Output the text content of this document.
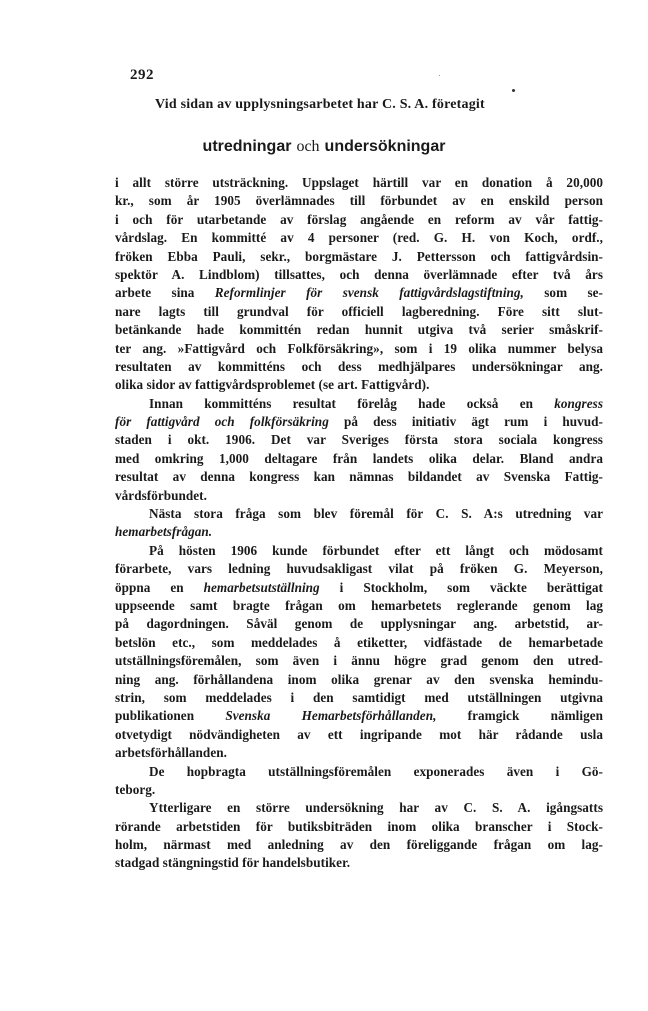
292
Vid sidan av upplysningsarbetet har C. S. A. företagit
utredningar och undersökningar

i allt större utsträckning. Uppslaget härtill var en donation å 20,000
kr., som år 1905 överlämnades till förbundet av en enskild person
i och för utarbetande av förslag angående en reform av vår fattig-
vårdslag. En kommitté av 4 personer (red. G. H. von Koch, ordf.,
fröken Ebba Pauli, sekr., borgmästare J. Pettersson och fattigvårdsin-
spektör A. Lindblom) tillsattes, och denna överlämnade efter två års
arbete sina Reformlinjer för svensk fattigvårdslagstiftning, som se-
nare lagts till grundval för officiell lagberedning. Före sitt slut-
betänkande hade kommittén redan hunnit utgiva två serier småskrif-
ter ang. »Fattigvård och Folkförsäkring», som i 19 olika nummer belysa
resultaten av kommitténs och dess medhjälpares undersökningar ang.
olika sidor av fattigvårdsproblemet (se art. Fattigvård).

Innan kommitténs resultat förelåg hade också en kongress
för fattigvård och folkförsäkring på dess initiativ ägt rum i huvud-
staden i okt. 1906. Det var Sveriges första stora sociala kongress
med omkring 1,000 deltagare från landets olika delar. Bland andra
resultat av denna kongress kan nämnas bildandet av Svenska Fattig-
vårdsförbundet.

Nästa stora fråga som blev föremål för C. S. A:s utredning var
hemarbetsfrågan.

På hösten 1906 kunde förbundet efter ett långt och mödosamt
förarbete, vars ledning huvudsakligast vilat på fröken G. Meyerson,
öppna en hemarbetsutställning i Stockholm, som väckte berättigat
uppseende samt bragte frågan om hemarbetets reglerande genom lag
på dagordningen. Såväl genom de upplysningar ang. arbetstid, ar-
betslön etc., som meddelades å etiketter, vidfästade de hemarbetade
utställningsföremålen, som även i ännu högre grad genom den utred-
ning ang. förhållandena inom olika grenar av den svenska hemindu-
strin, som meddelades i den samtidigt med utställningen utgivna
publikationen Svenska Hemarbetsförhållanden, framgick nämligen
otvetydigt nödvändigheten av ett ingripande mot här rådande usla
arbetsförhållanden.

De hopbragta utställningsföremålen exponerades även i Gö-
teborg.

Ytterligare en större undersökning har av C. S. A. igångsatts
rörande arbetstiden för butiksbiträden inom olika branscher i Stock-
holm, närmast med anledning av den föreliggande frågan om lag-
stadgad stängningstid för handelsbutiker.
